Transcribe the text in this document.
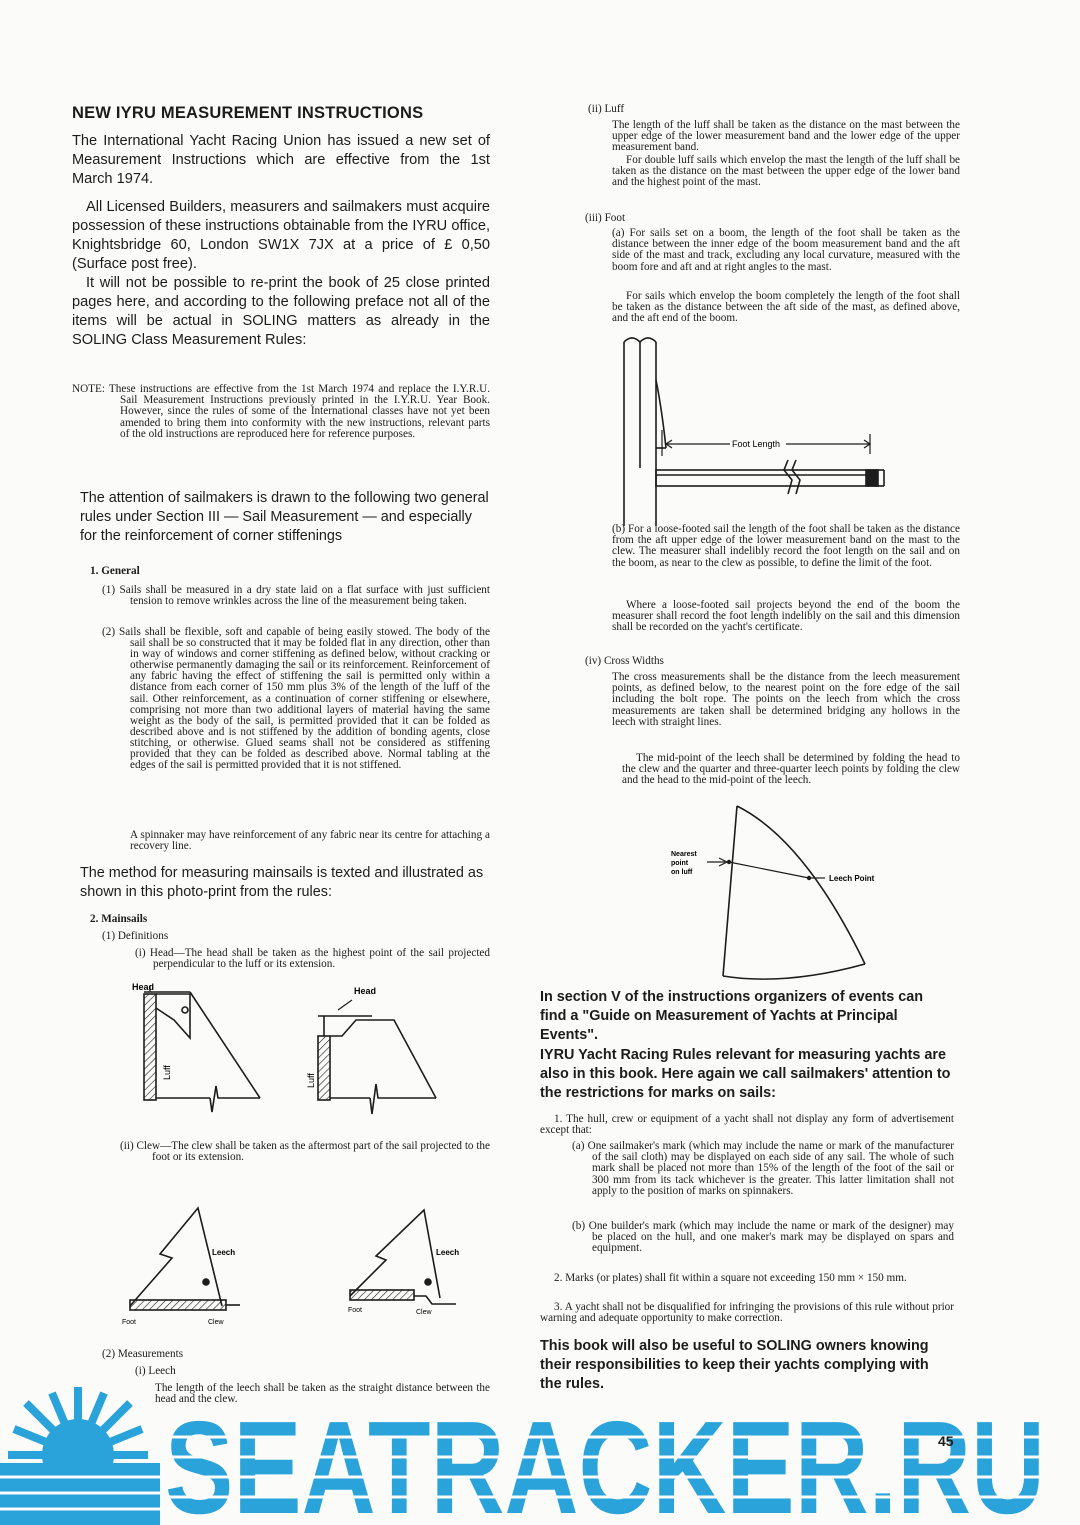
NEW IYRU MEASUREMENT INSTRUCTIONS

The International Yacht Racing Union has issued a new set of Measurement Instructions which are effective from the 1st March 1974.

All Licensed Builders, measurers and sailmakers must acquire possession of these instructions obtainable from the IYRU office, Knightsbridge 60, London SW1X 7JX at a price of £ 0,50 (Surface post free).

It will not be possible to re-print the book of 25 close printed pages here, and according to the following preface not all of the items will be actual in SOLING matters as already in the SOLING Class Measurement Rules:

NOTE: These instructions are effective from the 1st March 1974 and replace the I.Y.R.U. Sail Measurement Instructions previously printed in the I.Y.R.U. Year Book. However, since the rules of some of the International classes have not yet been amended to bring them into conformity with the new instructions, relevant parts of the old instructions are reproduced here for reference purposes.

The attention of sailmakers is drawn to the following two general rules under Section III — Sail Measurement — and especially for the reinforcement of corner stiffenings

1. General

(1) Sails shall be measured in a dry state laid on a flat surface with just sufficient tension to remove wrinkles across the line of the measurement being taken.

(2) Sails shall be flexible, soft and capable of being easily stowed. The body of the sail shall be so constructed that it may be folded flat in any direction, other than in way of windows and corner stiffening as defined below, without cracking or otherwise permanently damaging the sail or its reinforcement. Reinforcement of any fabric having the effect of stiffening the sail is permitted only within a distance from each corner of 150 mm plus 3% of the length of the luff of the sail. Other reinforcement, as a continuation of corner stiffening or elsewhere, comprising not more than two additional layers of material having the same weight as the body of the sail, is permitted provided that it can be folded as described above and is not stiffened by the addition of bonding agents, close stitching, or otherwise. Glued seams shall not be considered as stiffening provided that they can be folded as described above. Normal tabling at the edges of the sail is permitted provided that it is not stiffened.

A spinnaker may have reinforcement of any fabric near its centre for attaching a recovery line.

The method for measuring mainsails is texted and illustrated as shown in this photo-print from the rules:

2. Mainsails

(1) Definitions

(i) Head—The head shall be taken as the highest point of the sail projected perpendicular to the luff or its extension.

Head	Head
Luff
Luff

(ii) Clew—The clew shall be taken as the aftermost part of the sail projected to the foot or its extension.

Leech	Leech
Foot
Foot
Clew
Clew

(2) Measurements

(i) Leech

The length of the leech shall be taken as the straight distance between the head and the clew.

(ii) Luff

The length of the luff shall be taken as the distance on the mast between the upper edge of the lower measurement band and the lower edge of the upper measurement band.

For double luff sails which envelop the mast the length of the luff shall be taken as the distance on the mast between the upper edge of the lower band and the highest point of the mast.

(iii) Foot

(a) For sails set on a boom, the length of the foot shall be taken as the distance between the inner edge of the boom measurement band and the aft side of the mast and track, excluding any local curvature, measured with the boom fore and aft and at right angles to the mast.

For sails which envelop the boom completely the length of the foot shall be taken as the distance between the aft side of the mast, as defined above, and the aft end of the boom.

Foot Length

(b) For a loose-footed sail the length of the foot shall be taken as the distance from the aft upper edge of the lower measurement band on the mast to the clew. The measurer shall indelibly record the foot length on the sail and on the boom, as near to the clew as possible, to define the limit of the foot.

Where a loose-footed sail projects beyond the end of the boom the measurer shall record the foot length indelibly on the sail and this dimension shall be recorded on the yacht's certificate.

(iv) Cross Widths

The cross measurements shall be the distance from the leech measurement points, as defined below, to the nearest point on the fore edge of the sail including the bolt rope. The points on the leech from which the cross measurements are taken shall be determined bridging any hollows in the leech with straight lines.

The mid-point of the leech shall be determined by folding the head to the clew and the quarter and three-quarter leech points by folding the clew and the head to the mid-point of the leech.

Nearest
point
on luff
Leech Point

In section V of the instructions organizers of events can find a "Guide on Measurement of Yachts at Principal Events".

IYRU Yacht Racing Rules relevant for measuring yachts are also in this book. Here again we call sailmakers' attention to the restrictions for marks on sails:

1. The hull, crew or equipment of a yacht shall not display any form of advertisement except that:

(a) One sailmaker's mark (which may include the name or mark of the manufacturer of the sail cloth) may be displayed on each side of any sail. The whole of such mark shall be placed not more than 15% of the length of the foot of the sail or 300 mm from its tack whichever is the greater. This latter limitation shall not apply to the position of marks on spinnakers.

(b) One builder's mark (which may include the name or mark of the designer) may be placed on the hull, and one maker's mark may be displayed on spars and equipment.

2. Marks (or plates) shall fit within a square not exceeding 150 mm × 150 mm.

3. A yacht shall not be disqualified for infringing the provisions of this rule without prior warning and adequate opportunity to make correction.

This book will also be useful to SOLING owners knowing their responsibilities to keep their yachts complying with the rules.

SEATRACKER.RU
45
